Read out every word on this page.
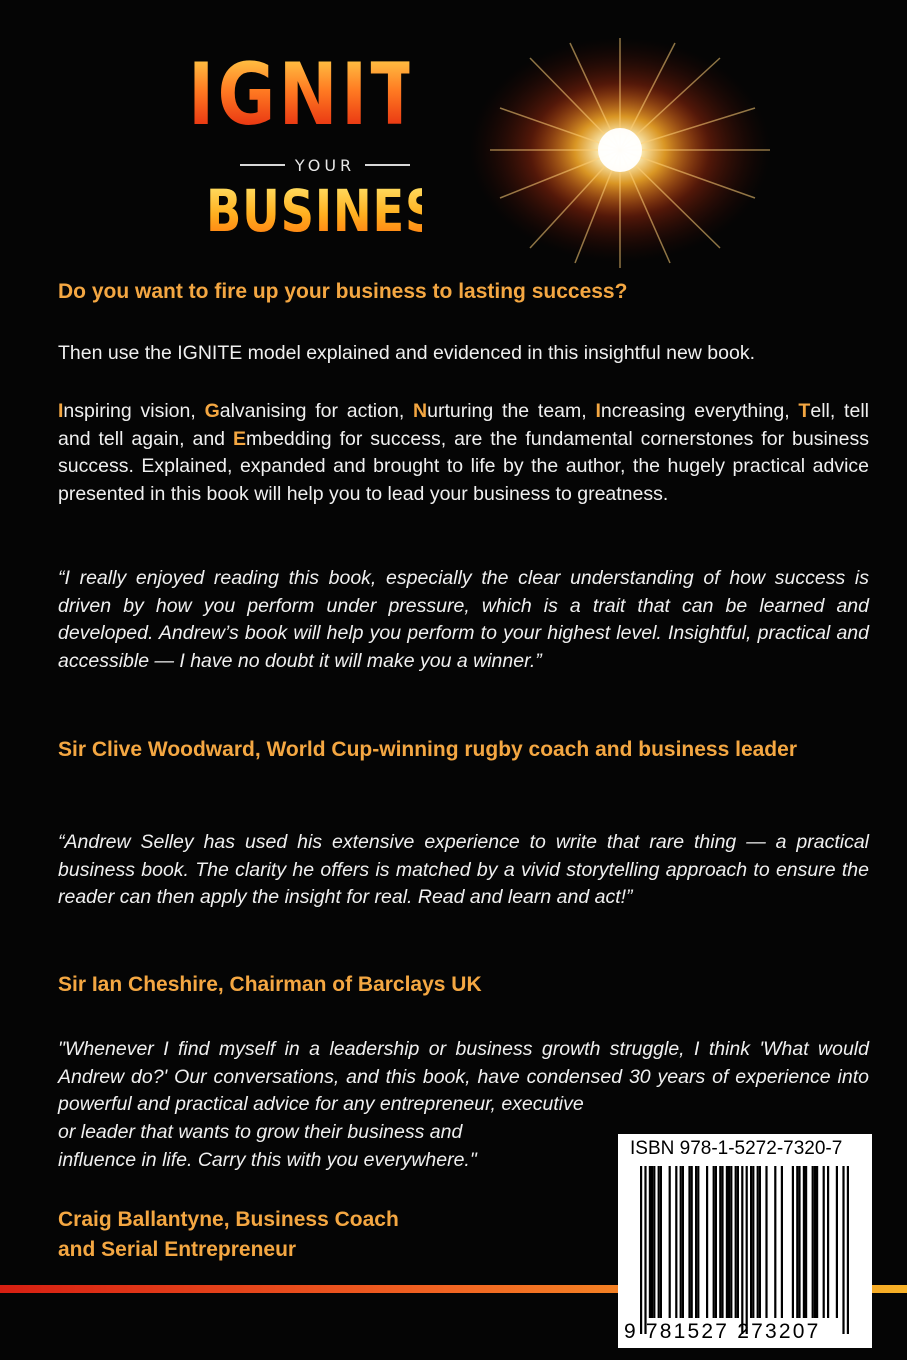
IGNITE
YOUR
BUSINESS
Do you want to fire up your business to lasting success?
Then use the IGNITE model explained and evidenced in this insightful new book.
Inspiring vision, Galvanising for action, Nurturing the team, Increasing everything, Tell, tell and tell again, and Embedding for success, are the fundamental cornerstones for business success. Explained, expanded and brought to life by the author, the hugely practical advice presented in this book will help you to lead your business to greatness.
“I really enjoyed reading this book, especially the clear understanding of how success is driven by how you perform under pressure, which is a trait that can be learned and developed. Andrew’s book will help you perform to your highest level. Insightful, practical and accessible — I have no doubt it will make you a winner.”
Sir Clive Woodward, World Cup-winning rugby coach and business leader
“Andrew Selley has used his extensive experience to write that rare thing — a practical business book. The clarity he offers is matched by a vivid storytelling approach to ensure the reader can then apply the insight for real. Read and learn and act!”
Sir Ian Cheshire, Chairman of Barclays UK
"Whenever I find myself in a leadership or business growth struggle, I think 'What would Andrew do?' Our conversations, and this book, have condensed 30 years of experience into powerful and practical advice for any entrepreneur, executive
or leader that wants to grow their business and
influence in life. Carry this with you everywhere."
Craig Ballantyne, Business Coach
and Serial Entrepreneur
ISBN 978-1-5272-7320-7
9 781527 273207
